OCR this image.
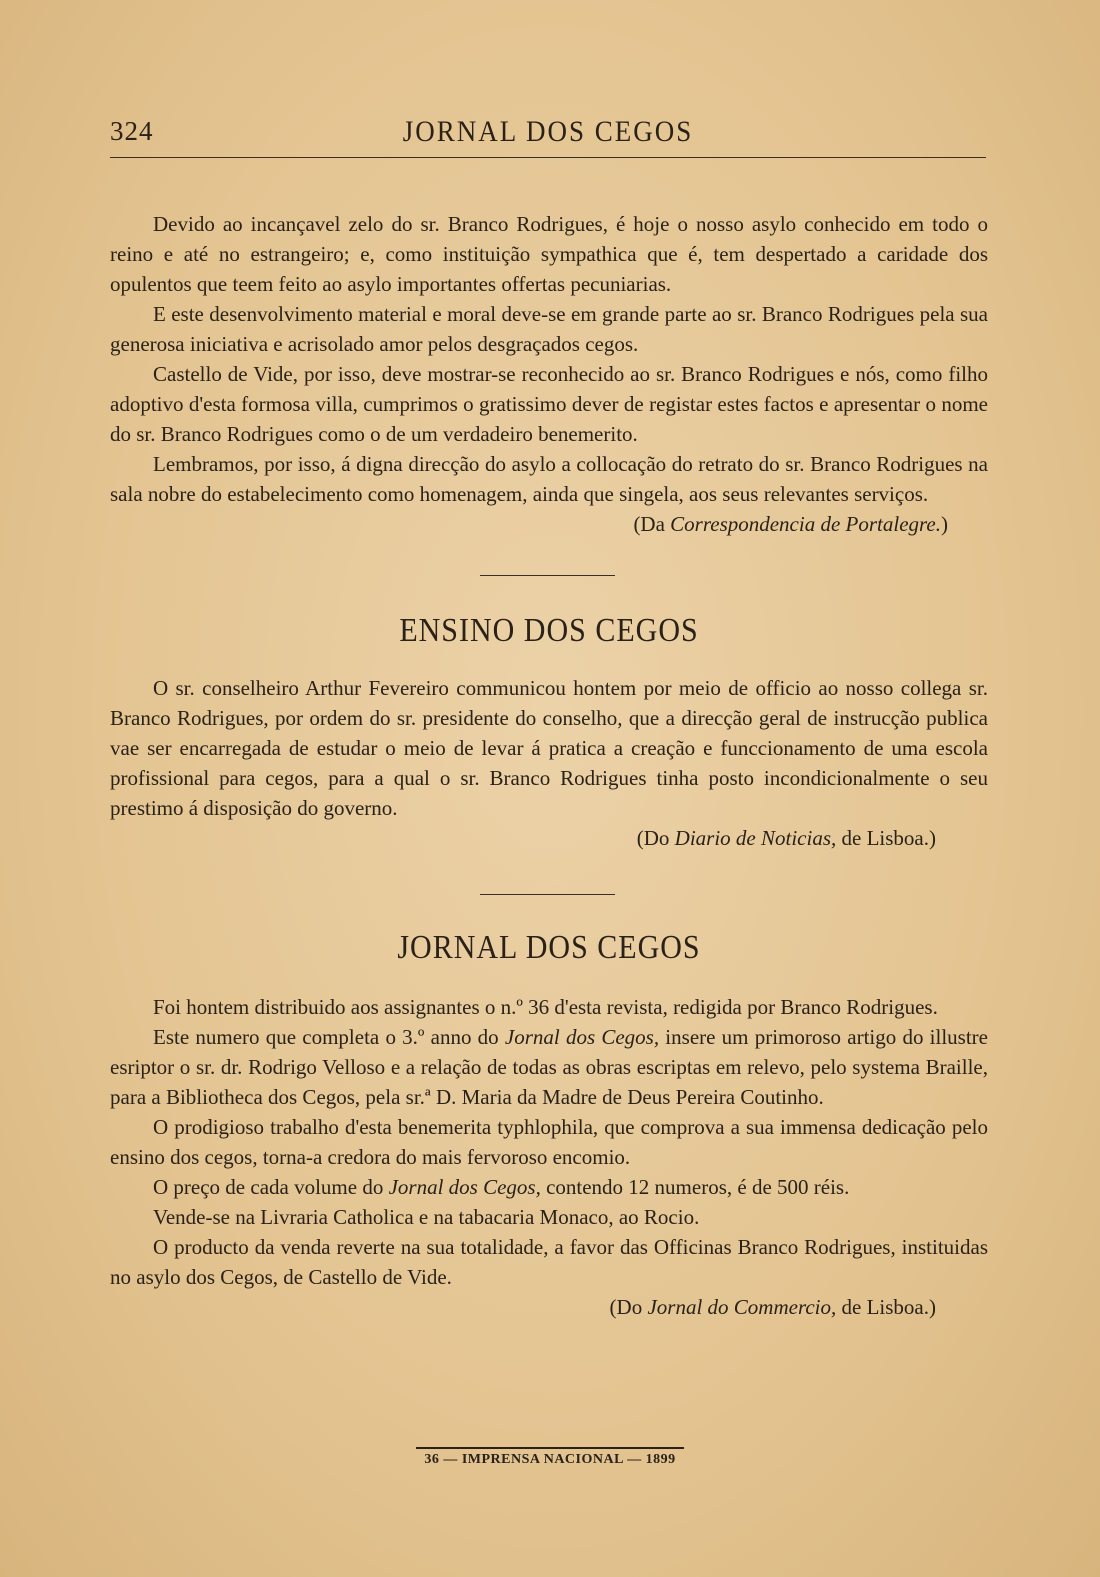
324	JORNAL DOS CEGOS

Devido ao incançavel zelo do sr. Branco Rodrigues, é hoje o nosso asylo conhecido em todo o reino e até no estrangeiro; e, como instituição sympathica que é, tem despertado a caridade dos opulentos que teem feito ao asylo importantes offertas pecuniarias.

E este desenvolvimento material e moral deve-se em grande parte ao sr. Branco Rodrigues pela sua generosa iniciativa e acrisolado amor pelos desgraçados cegos.

Castello de Vide, por isso, deve mostrar-se reconhecido ao sr. Branco Rodrigues e nós, como filho adoptivo d'esta formosa villa, cumprimos o gratissimo dever de registar estes factos e apresentar o nome do sr. Branco Rodrigues como o de um verdadeiro benemerito.

Lembramos, por isso, á digna direcção do asylo a collocação do retrato do sr. Branco Rodrigues na sala nobre do estabelecimento como homenagem, ainda que singela, aos seus relevantes serviços.

(Da Correspondencia de Portalegre.)
ENSINO DOS CEGOS

O sr. conselheiro Arthur Fevereiro communicou hontem por meio de officio ao nosso collega sr. Branco Rodrigues, por ordem do sr. presidente do conselho, que a direcção geral de instrucção publica vae ser encarregada de estudar o meio de levar á pratica a creação e funccionamento de uma escola profissional para cegos, para a qual o sr. Branco Rodrigues tinha posto incondicionalmente o seu prestimo á disposição do governo.

(Do Diario de Noticias, de Lisboa.)
JORNAL DOS CEGOS

Foi hontem distribuido aos assignantes o n.º 36 d'esta revista, redigida por Branco Rodrigues.

Este numero que completa o 3.º anno do Jornal dos Cegos, insere um primoroso artigo do illustre esriptor o sr. dr. Rodrigo Velloso e a relação de todas as obras escriptas em relevo, pelo systema Braille, para a Bibliotheca dos Cegos, pela sr.ª D. Maria da Madre de Deus Pereira Coutinho.

O prodigioso trabalho d'esta benemerita typhlophila, que comprova a sua immensa dedicação pelo ensino dos cegos, torna-a credora do mais fervoroso encomio.

O preço de cada volume do Jornal dos Cegos, contendo 12 numeros, é de 500 réis.

Vende-se na Livraria Catholica e na tabacaria Monaco, ao Rocio.

O producto da venda reverte na sua totalidade, a favor das Officinas Branco Rodrigues, instituidas no asylo dos Cegos, de Castello de Vide.

(Do Jornal do Commercio, de Lisboa.)
36 — IMPRENSA NACIONAL — 1899
